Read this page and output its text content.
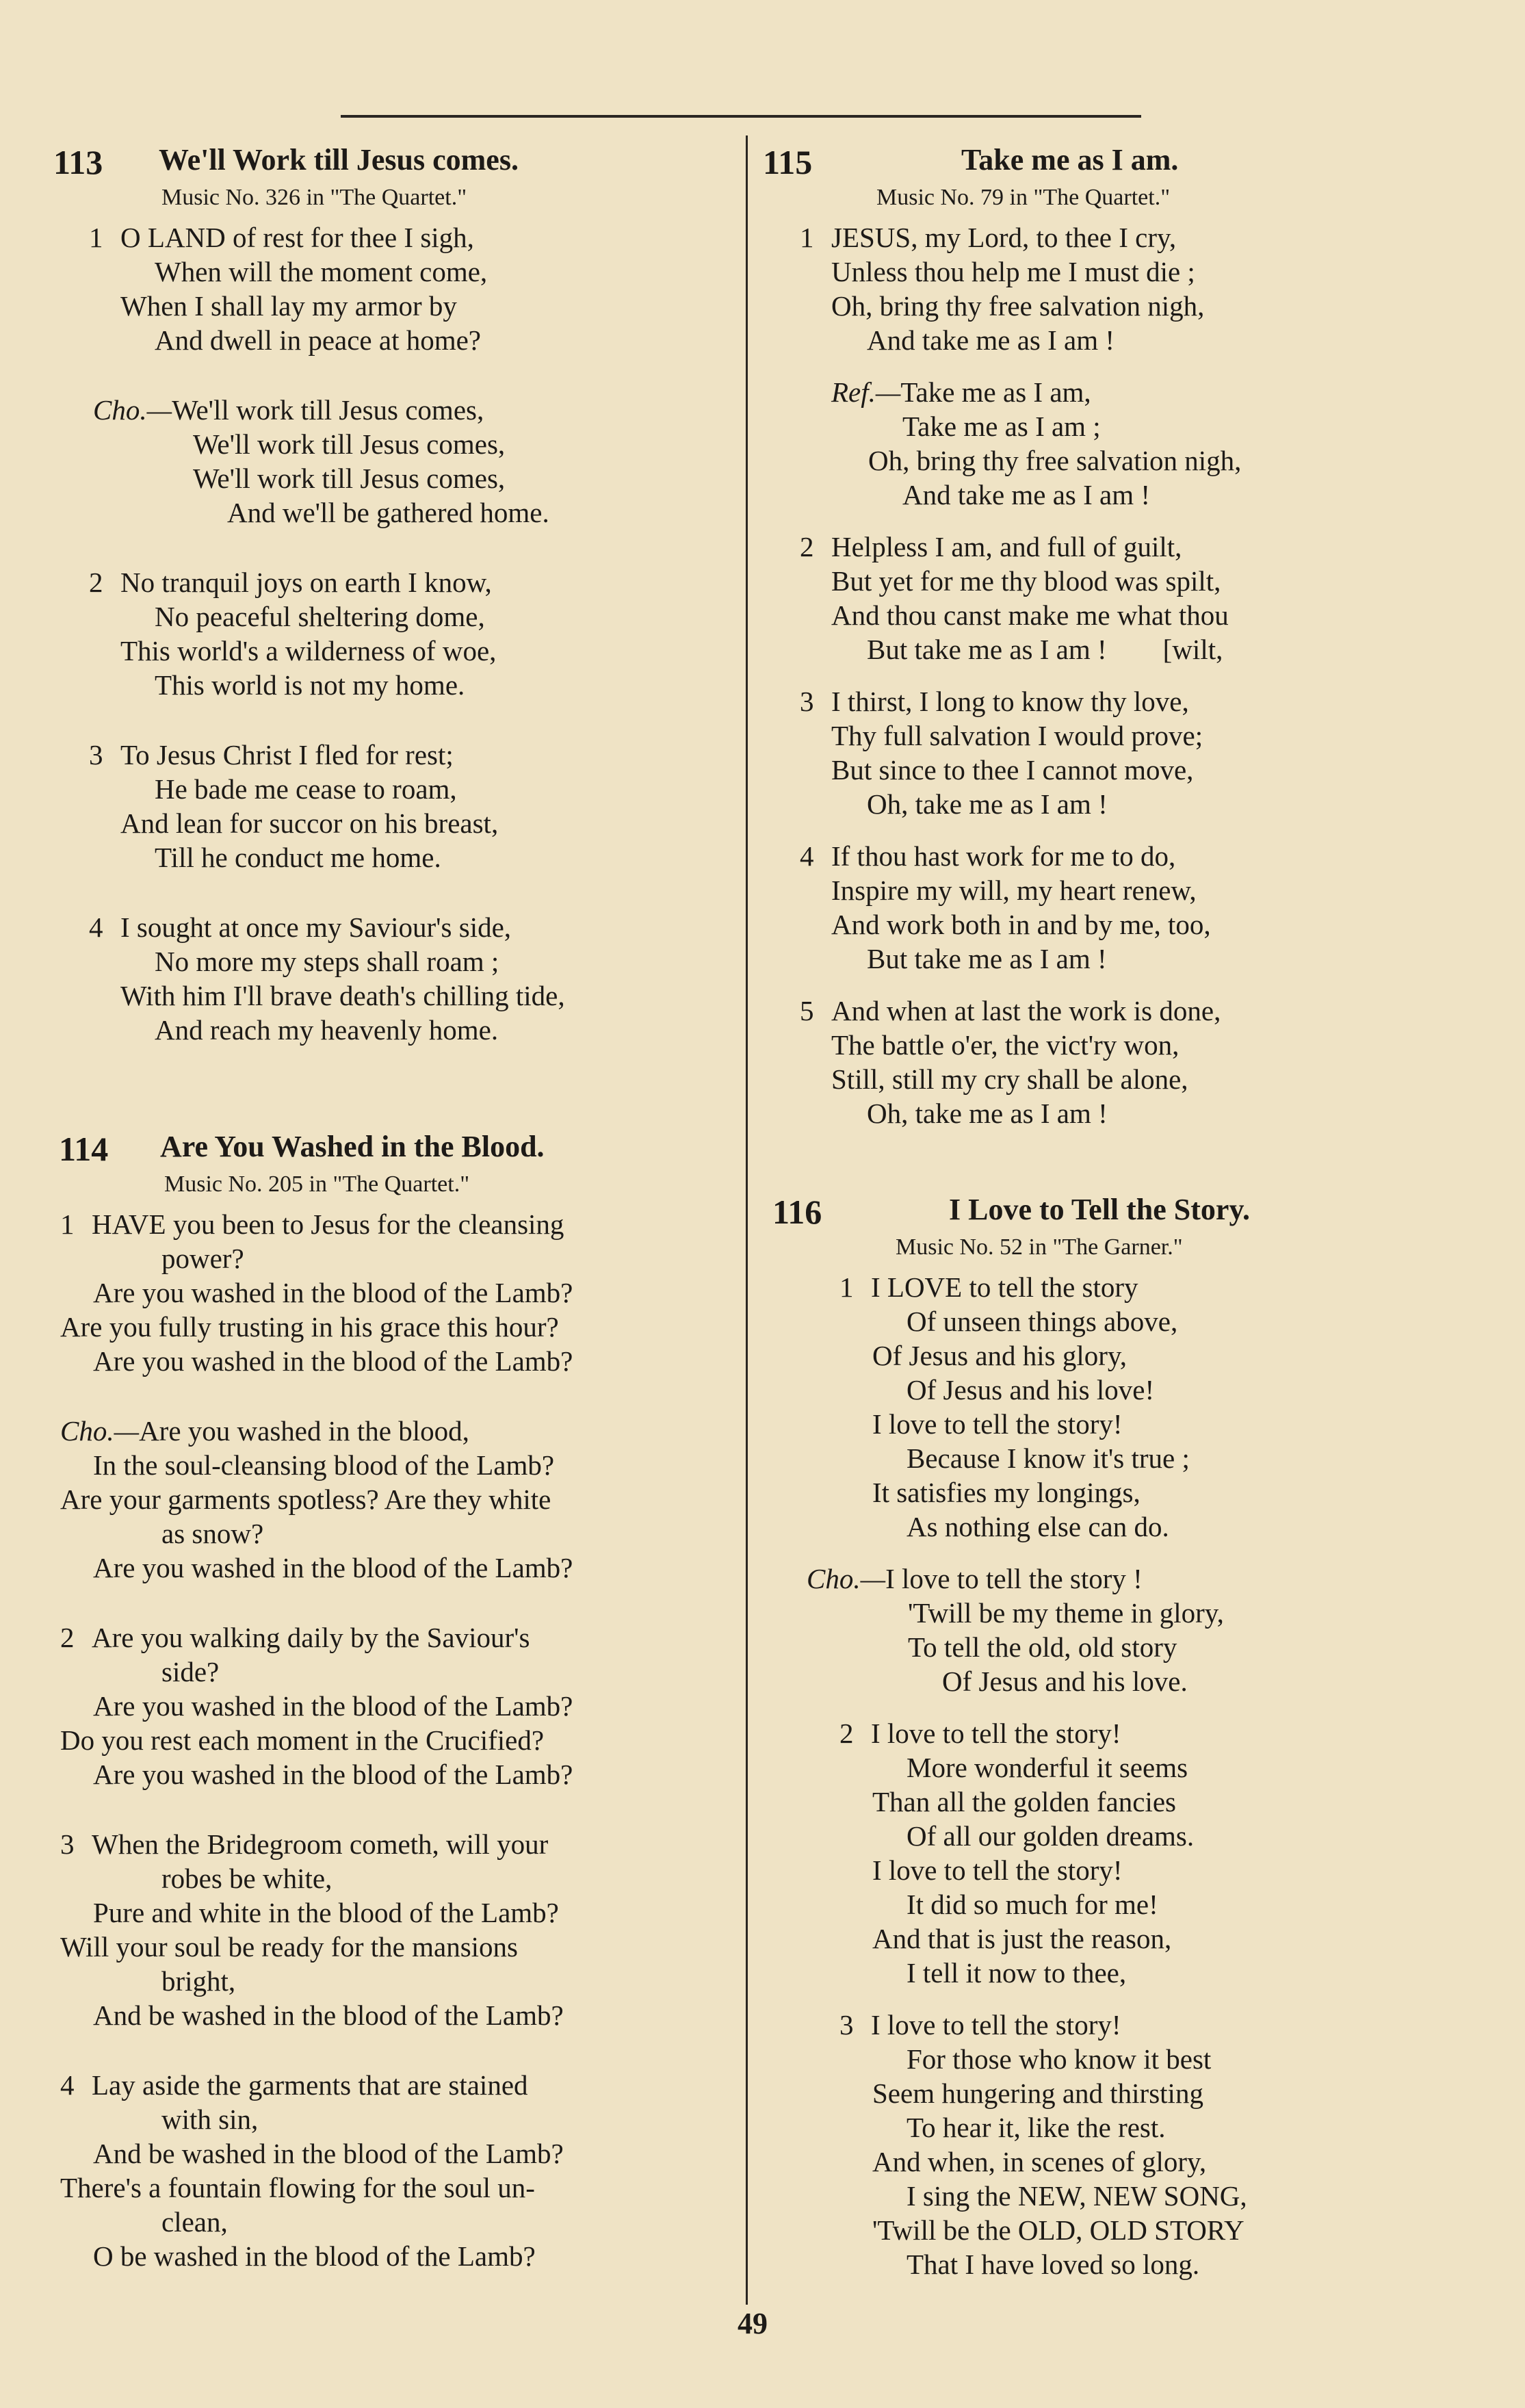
113 We'll Work till Jesus comes.
Music No. 326 in "The Quartet."
1 O LAND of rest for thee I sigh,
When will the moment come,
When I shall lay my armor by
And dwell in peace at home?
Cho.—We'll work till Jesus comes,
We'll work till Jesus comes,
We'll work till Jesus comes,
And we'll be gathered home.
2 No tranquil joys on earth I know,
No peaceful sheltering dome,
This world's a wilderness of woe,
This world is not my home.
3 To Jesus Christ I fled for rest;
He bade me cease to roam,
And lean for succor on his breast,
Till he conduct me home.
4 I sought at once my Saviour's side,
No more my steps shall roam ;
With him I'll brave death's chilling tide,
And reach my heavenly home.
114 Are You Washed in the Blood.
Music No. 205 in "The Quartet."
1 HAVE you been to Jesus for the cleansing
power?
Are you washed in the blood of the Lamb?
Are you fully trusting in his grace this hour?
Are you washed in the blood of the Lamb?
Cho.—Are you washed in the blood,
In the soul-cleansing blood of the Lamb?
Are your garments spotless? Are they white
as snow?
Are you washed in the blood of the Lamb?
2 Are you walking daily by the Saviour's
side?
Are you washed in the blood of the Lamb?
Do you rest each moment in the Crucified?
Are you washed in the blood of the Lamb?
3 When the Bridegroom cometh, will your
robes be white,
Pure and white in the blood of the Lamb?
Will your soul be ready for the mansions
bright,
And be washed in the blood of the Lamb?
4 Lay aside the garments that are stained
with sin,
And be washed in the blood of the Lamb?
There's a fountain flowing for the soul un-
clean,
O be washed in the blood of the Lamb?
115	Take me as I am.
Music No. 79 in "The Quartet."
1 JESUS, my Lord, to thee I cry,
Unless thou help me I must die ;
Oh, bring thy free salvation nigh,
And take me as I am !
Ref.—Take me as I am,
Take me as I am ;
Oh, bring thy free salvation nigh,
And take me as I am !
2 Helpless I am, and full of guilt,
But yet for me thy blood was spilt,
And thou canst make me what thou
But take me as I am !        [wilt,
3 I thirst, I long to know thy love,
Thy full salvation I would prove;
But since to thee I cannot move,
Oh, take me as I am !
4 If thou hast work for me to do,
Inspire my will, my heart renew,
And work both in and by me, too,
But take me as I am !
5 And when at last the work is done,
The battle o'er, the vict'ry won,
Still, still my cry shall be alone,
Oh, take me as I am !
116	I Love to Tell the Story.
Music No. 52 in "The Garner."
1 I LOVE to tell the story
Of unseen things above,
Of Jesus and his glory,
Of Jesus and his love!
I love to tell the story!
Because I know it's true ;
It satisfies my longings,
As nothing else can do.
Cho.—I love to tell the story !
'Twill be my theme in glory,
To tell the old, old story
Of Jesus and his love.
2 I love to tell the story!
More wonderful it seems
Than all the golden fancies
Of all our golden dreams.
I love to tell the story!
It did so much for me!
And that is just the reason,
I tell it now to thee,
3 I love to tell the story!
For those who know it best
Seem hungering and thirsting
To hear it, like the rest.
And when, in scenes of glory,
I sing the NEW, NEW SONG,
'Twill be the OLD, OLD STORY
That I have loved so long.
49
